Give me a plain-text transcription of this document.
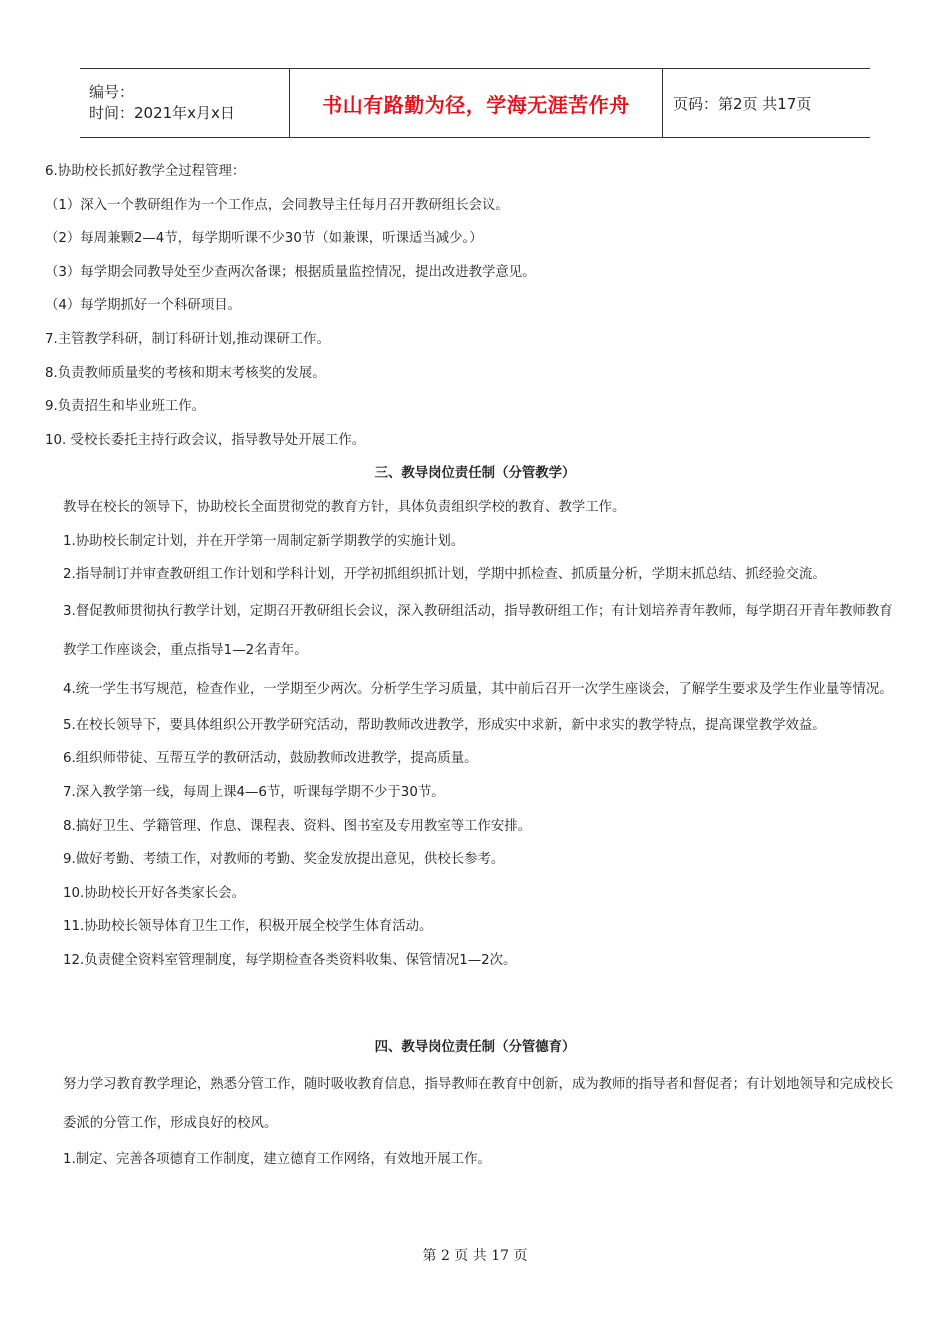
编号：
时间：2021年x月x日	书山有路勤为径，学海无涯苦作舟	页码：第2页 共17页
6.协助校长抓好教学全过程管理：
（1）深入一个教研组作为一个工作点，会同教导主任每月召开教研组长会议。
（2）每周兼颗2—4节，每学期听课不少30节（如兼课，听课适当减少。）
（3）每学期会同教导处至少查两次备课；根据质量监控情况，提出改进教学意见。
（4）每学期抓好一个科研项目。
7.主管教学科研，制订科研计划,推动课研工作。
8.负责教师质量奖的考核和期末考核奖的发展。
9.负责招生和毕业班工作。
10. 受校长委托主持行政会议，指导教导处开展工作。
三、教导岗位责任制（分管教学）
教导在校长的领导下，协助校长全面贯彻党的教育方针，具体负责组织学校的教育、教学工作。
1.协助校长制定计划，并在开学第一周制定新学期教学的实施计划。
2.指导制订并审查教研组工作计划和学科计划，开学初抓组织抓计划，学期中抓检查、抓质量分析，学期末抓总结、抓经验交流。
3.督促教师贯彻执行教学计划，定期召开教研组长会议，深入教研组活动，指导教研组工作；有计划培养青年教师，每学期召开青年教师教育教学工作座谈会，重点指导1—2名青年。
4.统一学生书写规范，检查作业，一学期至少两次。分析学生学习质量，其中前后召开一次学生座谈会，了解学生要求及学生作业量等情况。
5.在校长领导下，要具体组织公开教学研究活动，帮助教师改进教学，形成实中求新，新中求实的教学特点，提高课堂教学效益。
6.组织师带徒、互帮互学的教研活动，鼓励教师改进教学，提高质量。
7.深入教学第一线，每周上课4—6节，听课每学期不少于30节。
8.搞好卫生、学籍管理、作息、课程表、资料、图书室及专用教室等工作安排。
9.做好考勤、考绩工作，对教师的考勤、奖金发放提出意见，供校长参考。
10.协助校长开好各类家长会。
11.协助校长领导体育卫生工作，积极开展全校学生体育活动。
12.负责健全资料室管理制度，每学期检查各类资料收集、保管情况1—2次。
四、教导岗位责任制（分管德育）
努力学习教育教学理论，熟悉分管工作，随时吸收教育信息，指导教师在教育中创新，成为教师的指导者和督促者；有计划地领导和完成校长委派的分管工作，形成良好的校风。
1.制定、完善各项德育工作制度，建立德育工作网络，有效地开展工作。
第 2 页 共 17 页
